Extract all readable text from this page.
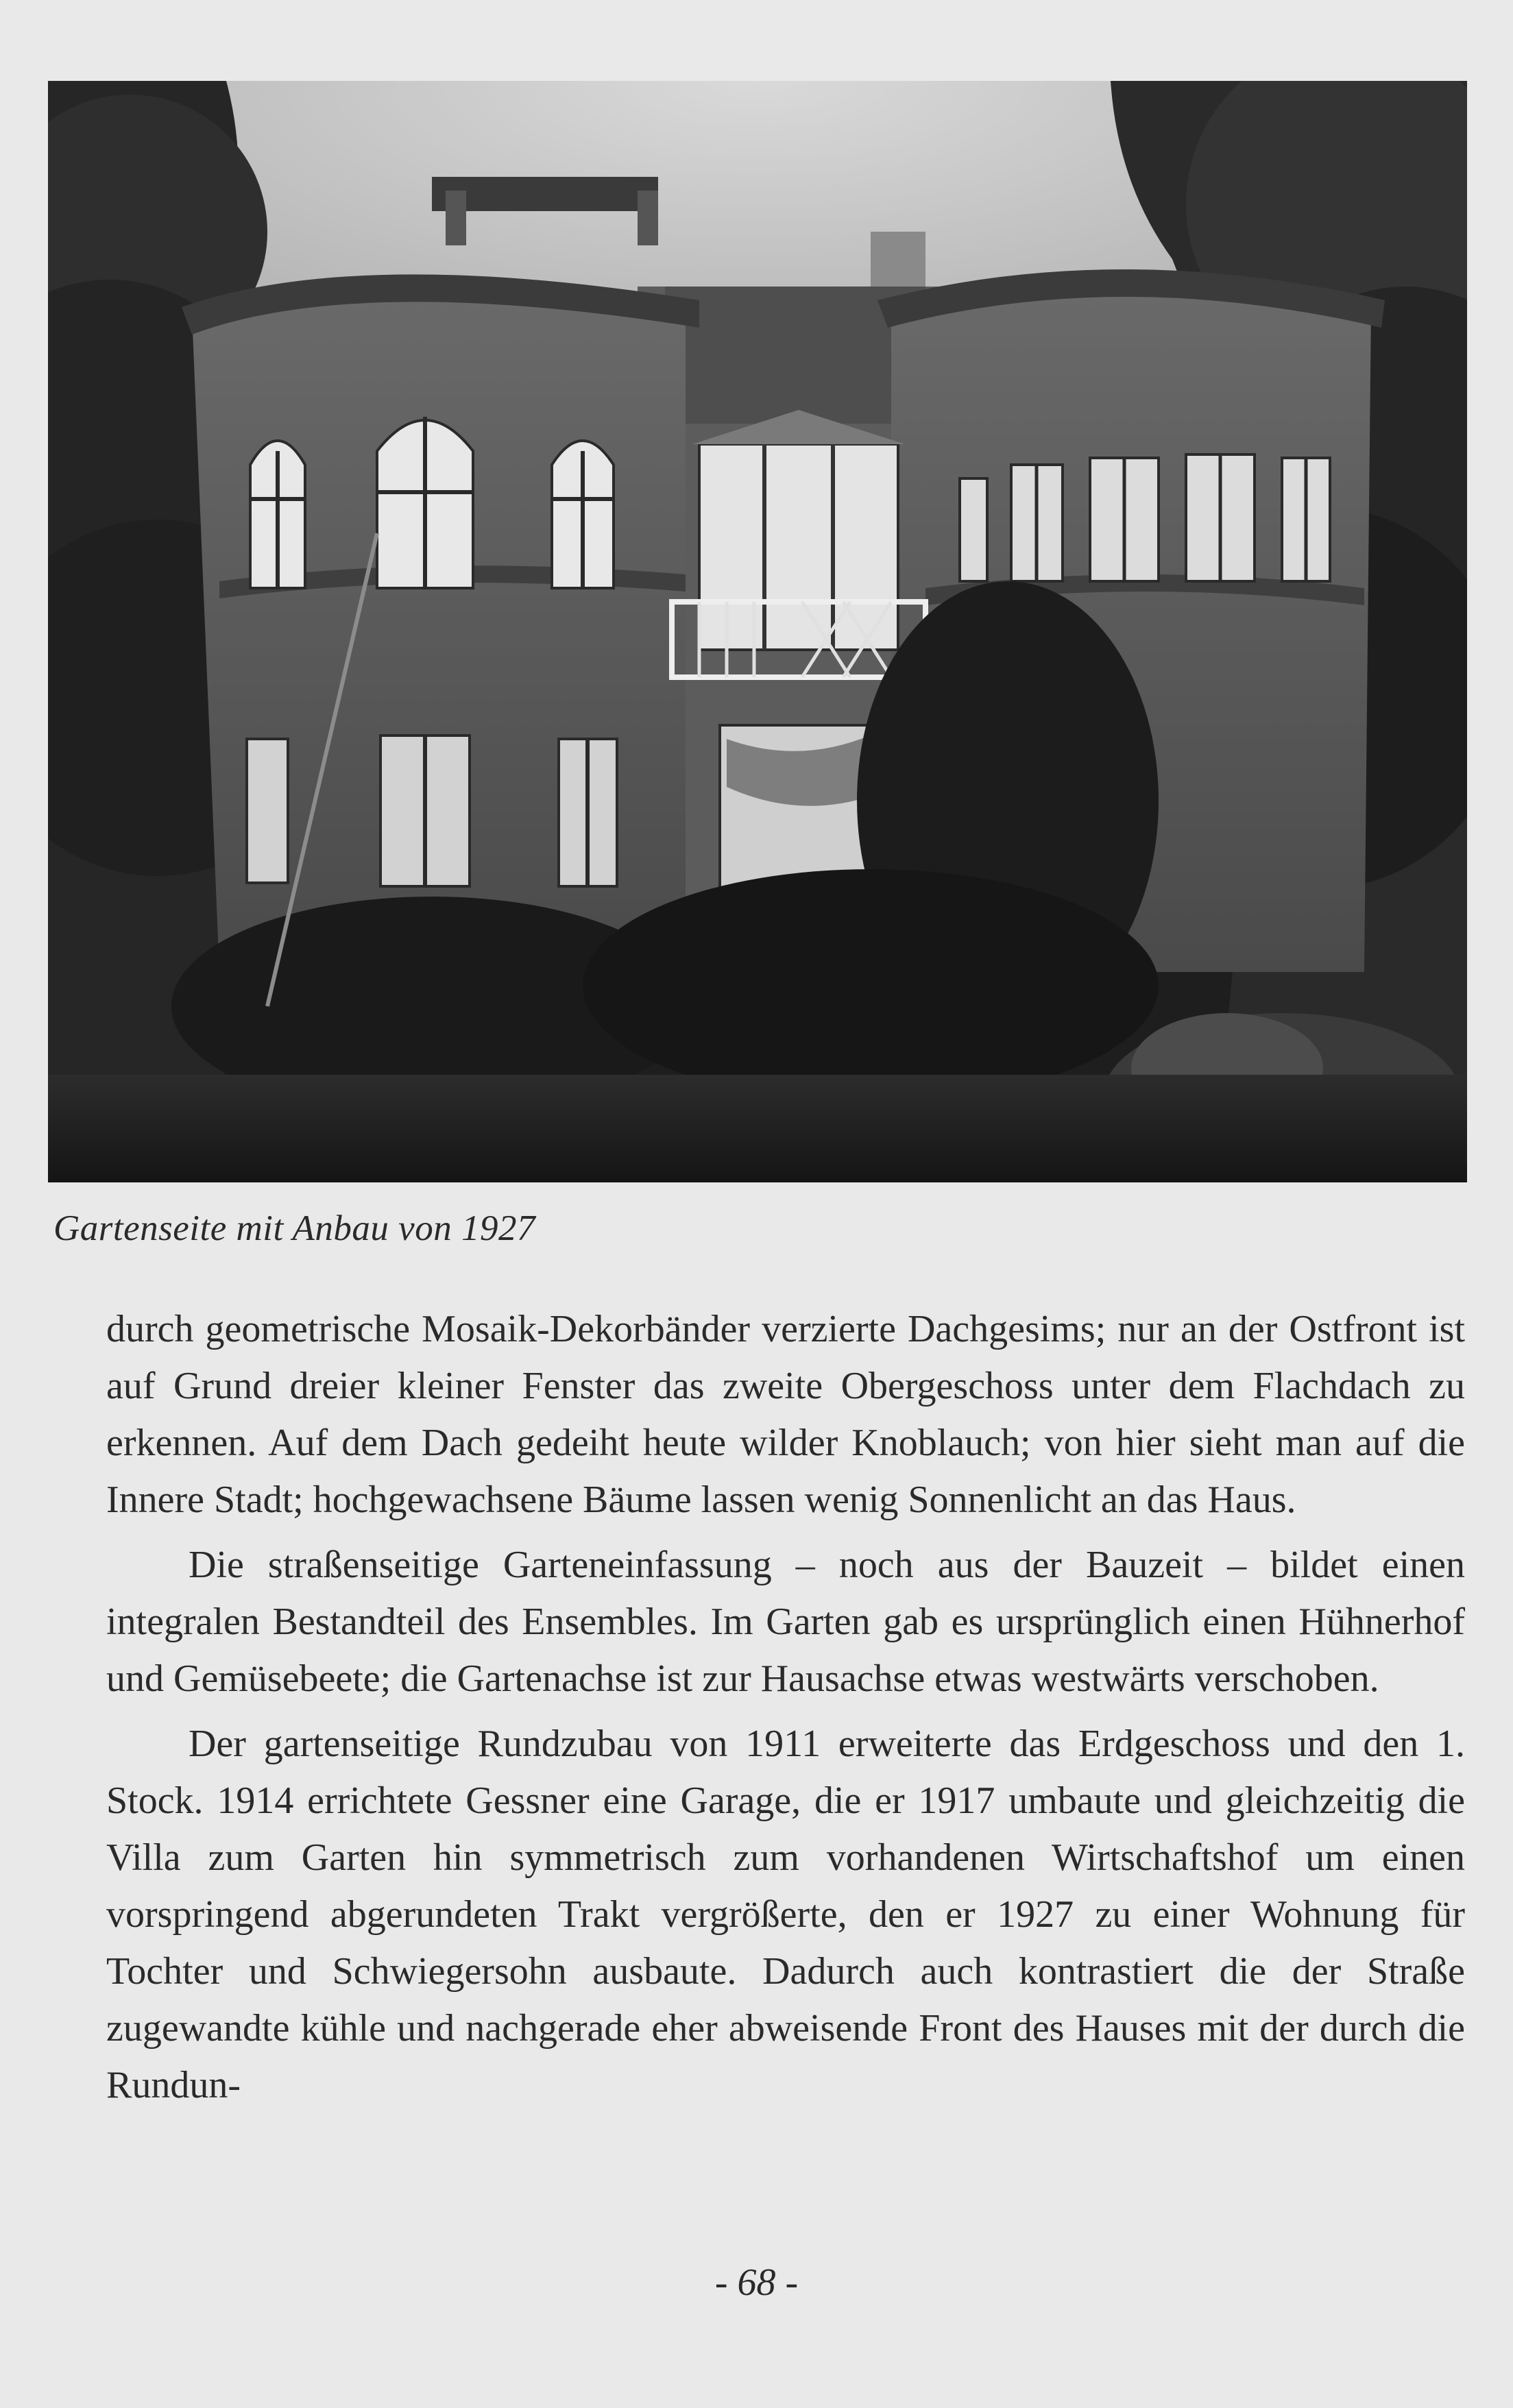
Gartenseite mit Anbau von 1927

durch geometrische Mosaik-Dekorbänder verzierte Dachgesims; nur an der Ostfront ist auf Grund dreier kleiner Fenster das zweite Obergeschoss unter dem Flachdach zu erkennen. Auf dem Dach gedeiht heute wilder Knoblauch; von hier sieht man auf die Innere Stadt; hochgewachsene Bäume lassen wenig Sonnenlicht an das Haus.

Die straßenseitige Garteneinfassung – noch aus der Bauzeit – bildet einen integralen Bestandteil des Ensembles. Im Garten gab es ursprünglich einen Hühnerhof und Gemüsebeete; die Gartenachse ist zur Hausachse etwas westwärts verschoben.

Der gartenseitige Rundzubau von 1911 erweiterte das Erdgeschoss und den 1. Stock. 1914 errichtete Gessner eine Garage, die er 1917 umbaute und gleichzeitig die Villa zum Garten hin symmetrisch zum vorhandenen Wirtschaftshof um einen vorspringend abgerundeten Trakt vergrößerte, den er 1927 zu einer Wohnung für Tochter und Schwiegersohn ausbaute. Dadurch auch kontrastiert die der Straße zugewandte kühle und nachgerade eher abweisende Front des Hauses mit der durch die Rundun-

- 68 -
